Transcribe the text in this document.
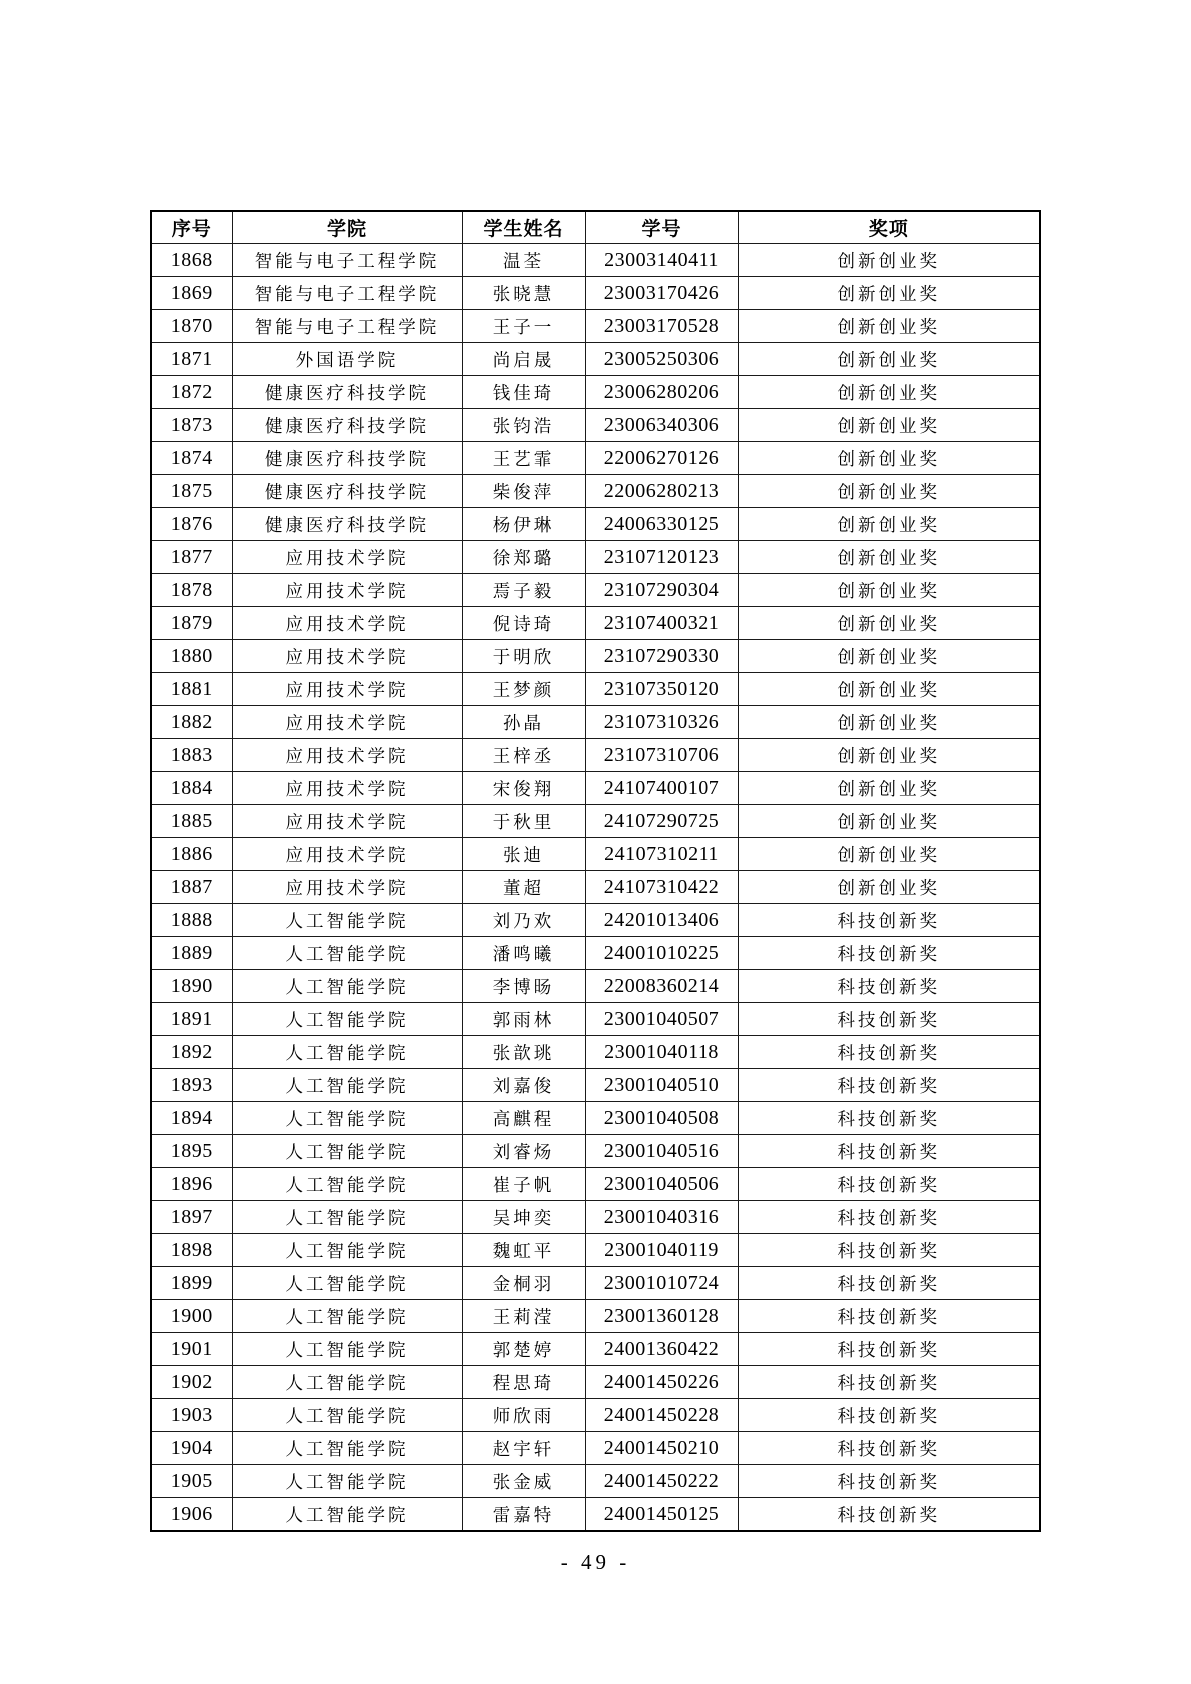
序号	学院	学生姓名	学号	奖项
1868	智能与电子工程学院	温荃	23003140411	创新创业奖
1869	智能与电子工程学院	张晓慧	23003170426	创新创业奖
1870	智能与电子工程学院	王子一	23003170528	创新创业奖
1871	外国语学院	尚启晟	23005250306	创新创业奖
1872	健康医疗科技学院	钱佳琦	23006280206	创新创业奖
1873	健康医疗科技学院	张钧浩	23006340306	创新创业奖
1874	健康医疗科技学院	王艺霏	22006270126	创新创业奖
1875	健康医疗科技学院	柴俊萍	22006280213	创新创业奖
1876	健康医疗科技学院	杨伊琳	24006330125	创新创业奖
1877	应用技术学院	徐郑璐	23107120123	创新创业奖
1878	应用技术学院	焉子毅	23107290304	创新创业奖
1879	应用技术学院	倪诗琦	23107400321	创新创业奖
1880	应用技术学院	于明欣	23107290330	创新创业奖
1881	应用技术学院	王梦颜	23107350120	创新创业奖
1882	应用技术学院	孙晶	23107310326	创新创业奖
1883	应用技术学院	王梓丞	23107310706	创新创业奖
1884	应用技术学院	宋俊翔	24107400107	创新创业奖
1885	应用技术学院	于秋里	24107290725	创新创业奖
1886	应用技术学院	张迪	24107310211	创新创业奖
1887	应用技术学院	董超	24107310422	创新创业奖
1888	人工智能学院	刘乃欢	24201013406	科技创新奖
1889	人工智能学院	潘鸣曦	24001010225	科技创新奖
1890	人工智能学院	李博旸	22008360214	科技创新奖
1891	人工智能学院	郭雨林	23001040507	科技创新奖
1892	人工智能学院	张歆珧	23001040118	科技创新奖
1893	人工智能学院	刘嘉俊	23001040510	科技创新奖
1894	人工智能学院	高麒程	23001040508	科技创新奖
1895	人工智能学院	刘睿炀	23001040516	科技创新奖
1896	人工智能学院	崔子帆	23001040506	科技创新奖
1897	人工智能学院	吴坤奕	23001040316	科技创新奖
1898	人工智能学院	魏虹平	23001040119	科技创新奖
1899	人工智能学院	金桐羽	23001010724	科技创新奖
1900	人工智能学院	王莉滢	23001360128	科技创新奖
1901	人工智能学院	郭楚婷	24001360422	科技创新奖
1902	人工智能学院	程思琦	24001450226	科技创新奖
1903	人工智能学院	师欣雨	24001450228	科技创新奖
1904	人工智能学院	赵宇轩	24001450210	科技创新奖
1905	人工智能学院	张金威	24001450222	科技创新奖
1906	人工智能学院	雷嘉特	24001450125	科技创新奖
- 49 -
